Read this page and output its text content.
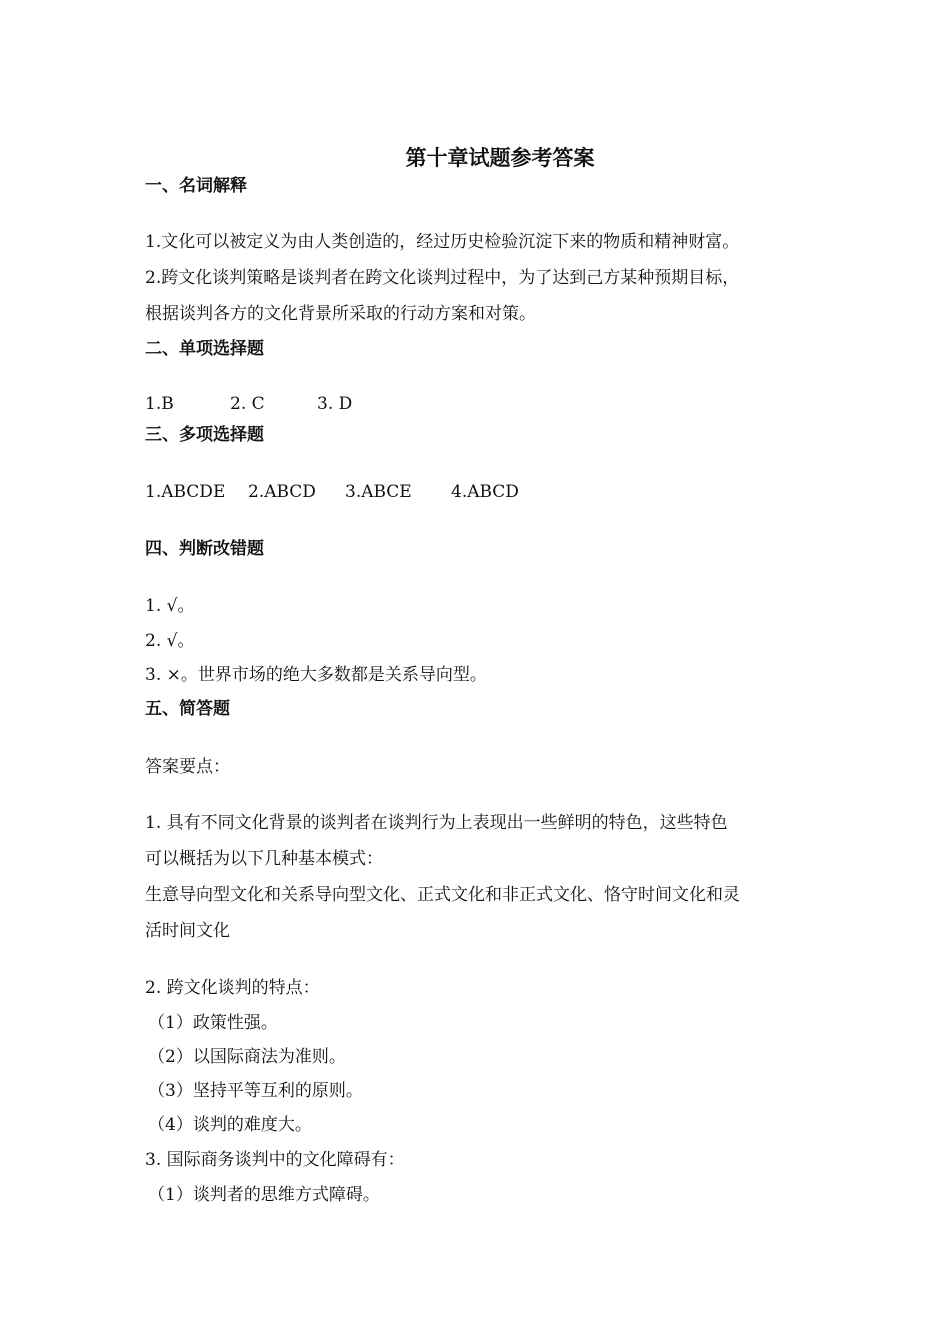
第十章试题参考答案
一、名词解释
1.文化可以被定义为由人类创造的，经过历史检验沉淀下来的物质和精神财富。
2.跨文化谈判策略是谈判者在跨文化谈判过程中，为了达到己方某种预期目标，
根据谈判各方的文化背景所采取的行动方案和对策。
二、单项选择题
1.B	2. C	3. D
三、多项选择题
1.ABCDE 2.ABCD 3.ABCE 4.ABCD
四、判断改错题
1. √。
2. √。
3. ×。世界市场的绝大多数都是关系导向型。
五、简答题
答案要点：
1. 具有不同文化背景的谈判者在谈判行为上表现出一些鲜明的特色，这些特色
可以概括为以下几种基本模式：
生意导向型文化和关系导向型文化、正式文化和非正式文化、恪守时间文化和灵
活时间文化
2. 跨文化谈判的特点：
（1）政策性强。
（2）以国际商法为准则。
（3）坚持平等互利的原则。
（4）谈判的难度大。
3. 国际商务谈判中的文化障碍有：
（1）谈判者的思维方式障碍。
